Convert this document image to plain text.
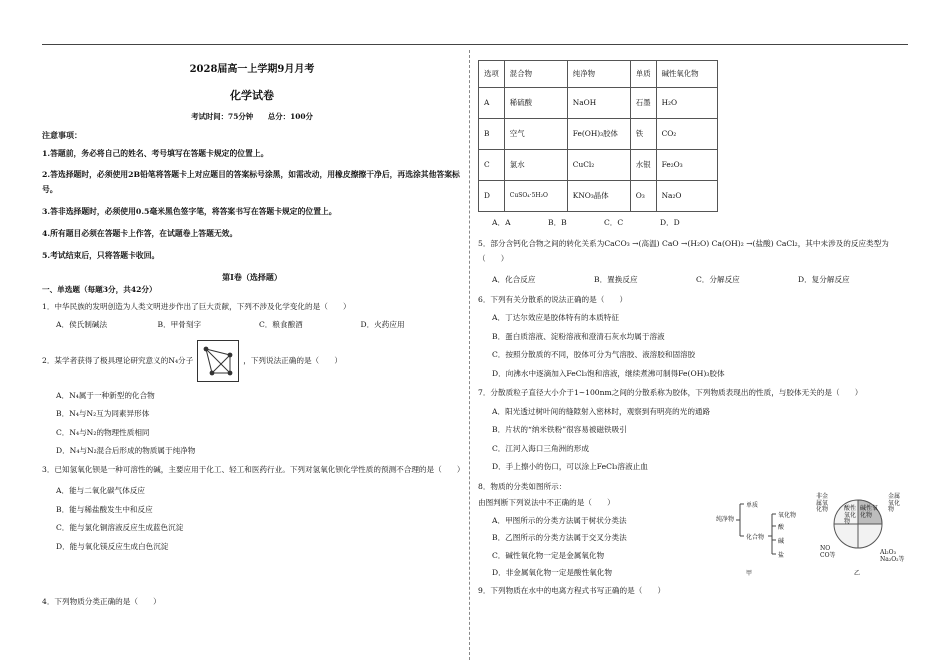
2028届高一上学期9月月考
化学试卷
考试时间：75分钟　　总分：100分
注意事项：
1.答题前，务必将自己的姓名、考号填写在答题卡规定的位置上。
2.答选择题时，必须使用2B铅笔将答题卡上对应题目的答案标号涂黑，如需改动，用橡皮擦擦干净后，再选涂其他答案标号。
3.答非选择题时，必须使用0.5毫米黑色签字笔，将答案书写在答题卡规定的位置上。
4.所有题目必须在答题卡上作答，在试题卷上答题无效。
5.考试结束后，只将答题卡收回。
第Ⅰ卷（选择题）
一、单选题（每题3分，共42分）
1．中华民族的发明创造为人类文明进步作出了巨大贡献，下列不涉及化学变化的是（　　）
A．侯氏制碱法	B．甲骨刻字	C．粮食酿酒	D．火药应用
2．某学者获得了极具理论研究意义的N₄分子	，下列说法正确的是（　　）
A．N₄属于一种新型的化合物
B．N₄与N₂互为同素异形体
C．N₄与N₂的物理性质相同
D．N₄与N₂混合后形成的物质属于纯净物
3．已知氢氧化钡是一种可溶性的碱，主要应用于化工、轻工和医药行业。下列对氢氧化钡化学性质的预测不合理的是（　　）
A．能与二氧化碳气体反应
B．能与稀盐酸发生中和反应
C．能与氯化铜溶液反应生成蓝色沉淀
D．能与氧化镁反应生成白色沉淀
4．下列物质分类正确的是（　　）
选项	混合物	纯净物	单质	碱性氧化物
A	稀硫酸	NaOH	石墨	H₂O
B	空气	Fe(OH)₃胶体	铁	CO₂
C	氯水	CuCl₂	水银	Fe₂O₃
D	CuSO₄·5H₂O	KNO₃晶体	O₃	Na₂O
A．A	B．B	C．C	D．D
5．部分含钙化合物之间的转化关系为CaCO₃ →(高温) CaO →(H₂O) Ca(OH)₂ →(盐酸) CaCl₂，其中未涉及的反应类型为（　　）
A．化合反应	B．置换反应	C．分解反应	D．复分解反应
6．下列有关分散系的说法正确的是（　　）
A．丁达尔效应是胶体特有的本质特征
B．蛋白质溶液、淀粉溶液和澄清石灰水均属于溶液
C．按照分散质的不同，胶体可分为气溶胶、液溶胶和固溶胶
D．向沸水中逐滴加入FeCl₃饱和溶液，继续煮沸可制得Fe(OH)₃胶体
7．分散质粒子直径大小介于1~100nm之间的分散系称为胶体，下列物质表现出的性质，与胶体无关的是（　　）
A．阳光透过树叶间的缝隙射入密林时，观察到有明亮的光的通路
B．片状的“纳米铁粉”很容易被磁铁吸引
C．江河入海口三角洲的形成
D．手上擦小的伤口，可以涂上FeCl₃溶液止血
8．物质的分类如图所示：
由图判断下列说法中不正确的是（　　）
A．甲图所示的分类方法属于树状分类法
B．乙图所示的分类方法属于交叉分类法
C．碱性氧化物一定是金属氧化物
D．非金属氧化物一定是酸性氧化物
9．下列物质在水中的电离方程式书写正确的是（　　）
纯净物
单质
化合物
氧化物
酸
碱
盐
甲
非金属氧化物	酸性氧化物
碱性氧化物
金属氧化物
NO CO等	Al₂O₃ Na₂O₂等
乙
